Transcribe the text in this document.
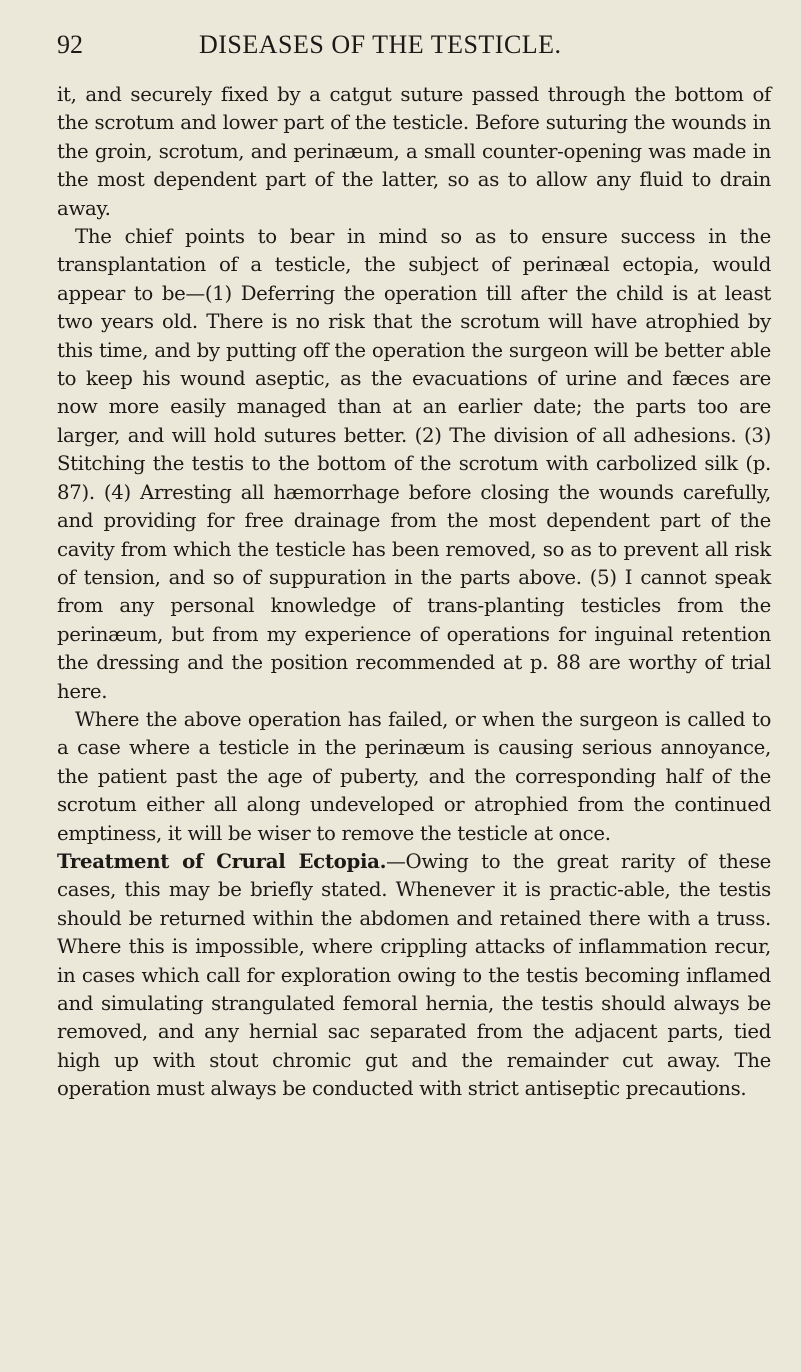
92	DISEASES OF THE TESTICLE.

it, and securely fixed by a catgut suture passed through the bottom of the scrotum and lower part of the testicle. Before suturing the wounds in the groin, scrotum, and perinæum, a small counter-opening was made in the most dependent part of the latter, so as to allow any fluid to drain away.

The chief points to bear in mind so as to ensure success in the transplantation of a testicle, the subject of perinæal ectopia, would appear to be—(1) Deferring the operation till after the child is at least two years old. There is no risk that the scrotum will have atrophied by this time, and by putting off the operation the surgeon will be better able to keep his wound aseptic, as the evacuations of urine and fæces are now more easily managed than at an earlier date; the parts too are larger, and will hold sutures better. (2) The division of all adhesions. (3) Stitching the testis to the bottom of the scrotum with carbolized silk (p. 87). (4) Arresting all hæmorrhage before closing the wounds carefully, and providing for free drainage from the most dependent part of the cavity from which the testicle has been removed, so as to prevent all risk of tension, and so of suppuration in the parts above. (5) I cannot speak from any personal knowledge of trans-planting testicles from the perinæum, but from my experience of operations for inguinal retention the dressing and the position recommended at p. 88 are worthy of trial here.

Where the above operation has failed, or when the surgeon is called to a case where a testicle in the perinæum is causing serious annoyance, the patient past the age of puberty, and the corresponding half of the scrotum either all along undeveloped or atrophied from the continued emptiness, it will be wiser to remove the testicle at once.

Treatment of Crural Ectopia.—Owing to the great rarity of these cases, this may be briefly stated. Whenever it is practic-able, the testis should be returned within the abdomen and retained there with a truss. Where this is impossible, where crippling attacks of inflammation recur, in cases which call for exploration owing to the testis becoming inflamed and simulating strangulated femoral hernia, the testis should always be removed, and any hernial sac separated from the adjacent parts, tied high up with stout chromic gut and the remainder cut away. The operation must always be conducted with strict antiseptic precautions.
